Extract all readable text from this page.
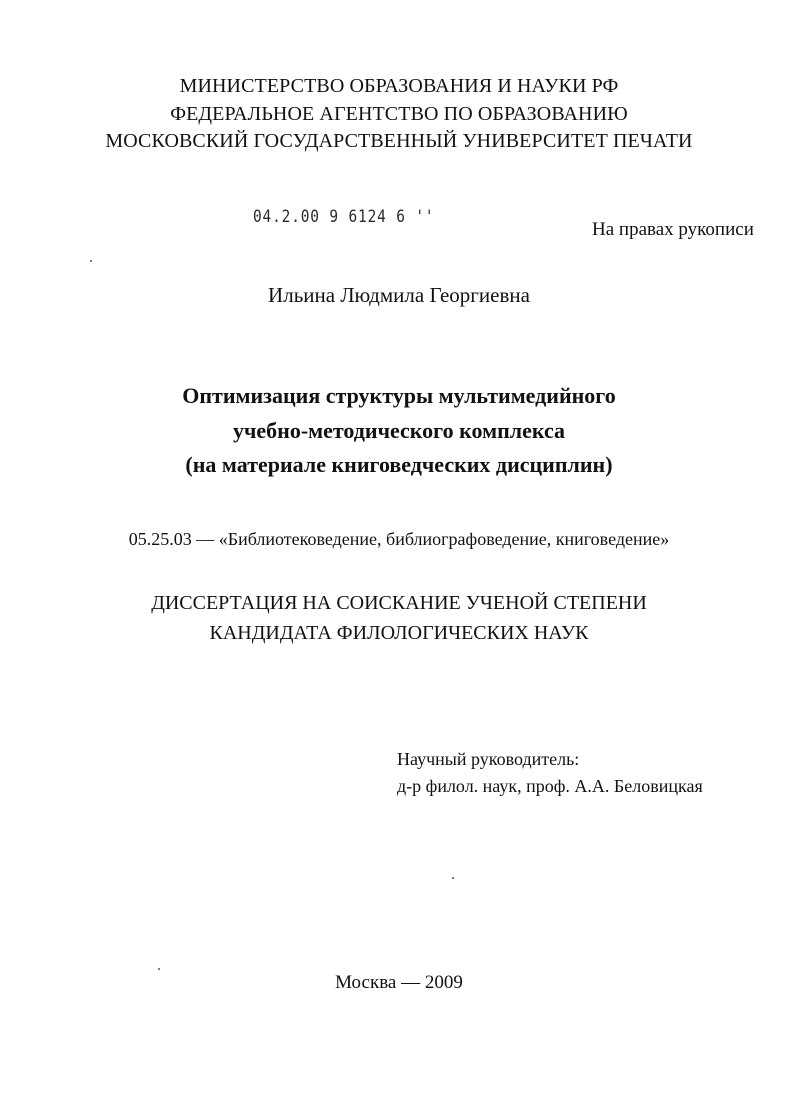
МИНИСТЕРСТВО ОБРАЗОВАНИЯ И НАУКИ РФ
ФЕДЕРАЛЬНОЕ АГЕНТСТВО ПО ОБРАЗОВАНИЮ
МОСКОВСКИЙ ГОСУДАРСТВЕННЫЙ УНИВЕРСИТЕТ ПЕЧАТИ
04.2.00 9 6124 6 ''
На правах рукописи
Ильина Людмила Георгиевна
Оптимизация структуры мультимедийного
учебно-методического комплекса
(на материале книговедческих дисциплин)
05.25.03 — «Библиотековедение, библиографоведение, книговедение»
ДИССЕРТАЦИЯ НА СОИСКАНИЕ УЧЕНОЙ СТЕПЕНИ
КАНДИДАТА ФИЛОЛОГИЧЕСКИХ НАУК
Научный руководитель:
д-р филол. наук, проф. А.А. Беловицкая
Москва — 2009
